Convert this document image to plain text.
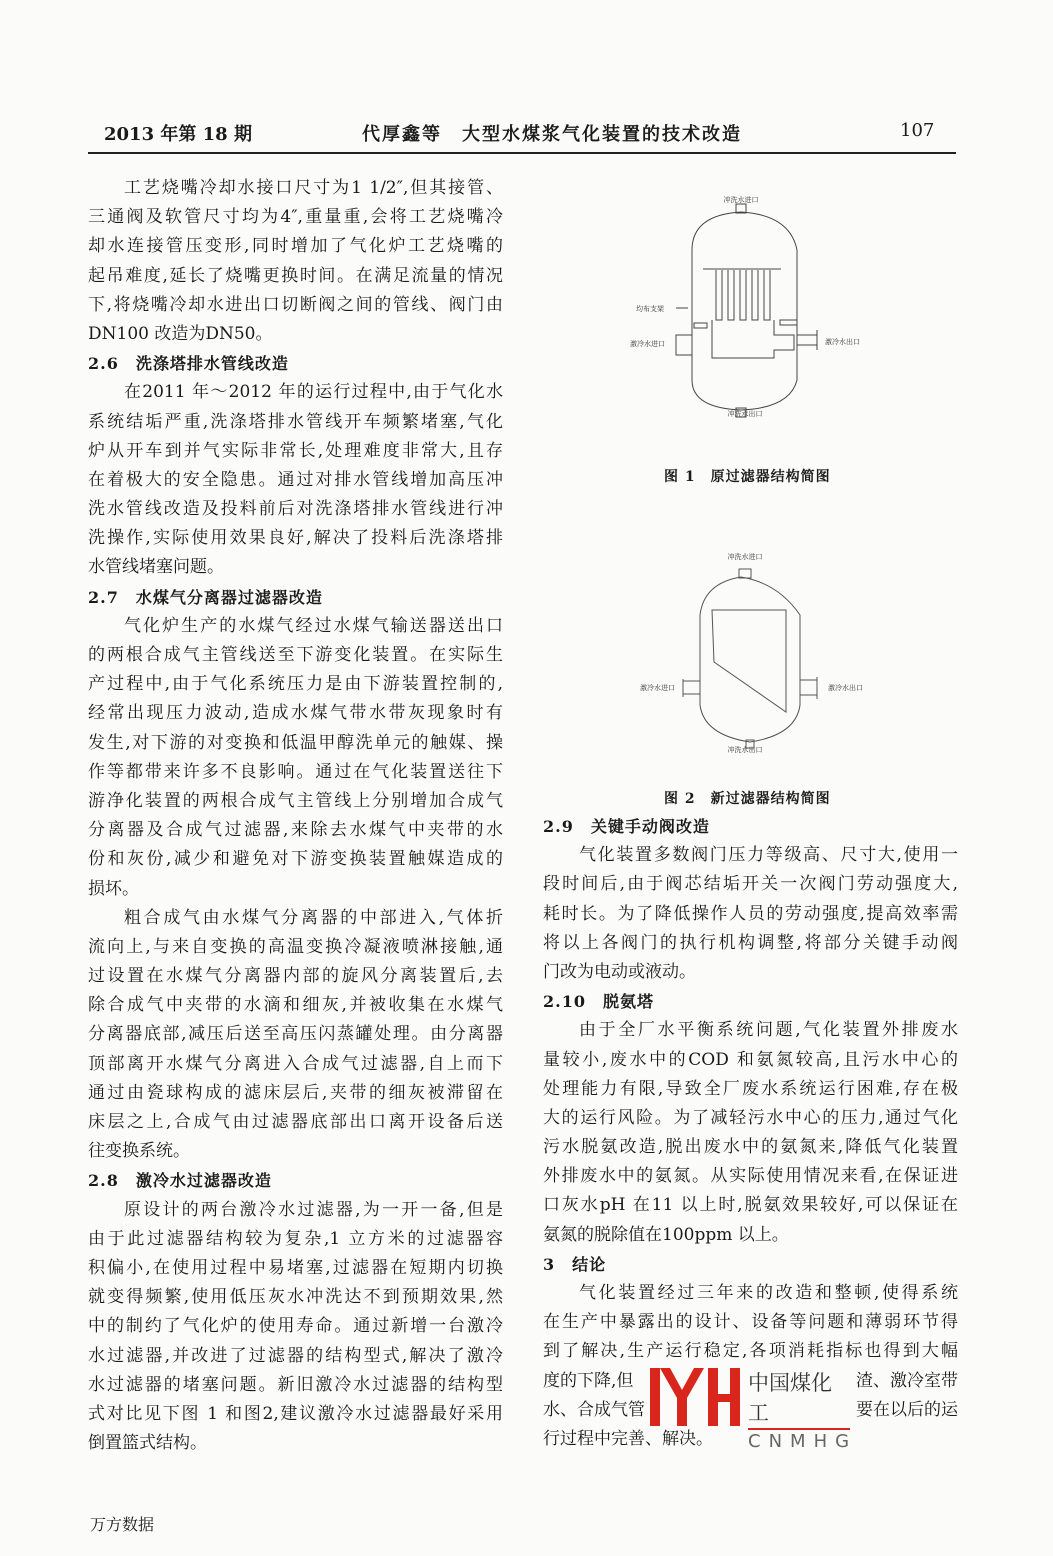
2013 年第 18 期	代厚鑫等　 大型水煤浆气化装置的技术改造	107
工艺烧嘴冷却水接口尺寸为1 1/2″,但其接管、
三通阀及软管尺寸均为4″,重量重,会将工艺烧嘴冷
却水连接管压变形,同时增加了气化炉工艺烧嘴的
起吊难度,延长了烧嘴更换时间。在满足流量的情况
下,将烧嘴冷却水进出口切断阀之间的管线、阀门由
DN100 改造为DN50。
2.6　洗涤塔排水管线改造
在2011 年～2012 年的运行过程中,由于气化水
系统结垢严重,洗涤塔排水管线开车频繁堵塞,气化
炉从开车到并气实际非常长,处理难度非常大,且存
在着极大的安全隐患。通过对排水管线增加高压冲
洗水管线改造及投料前后对洗涤塔排水管线进行冲
洗操作,实际使用效果良好,解决了投料后洗涤塔排
水管线堵塞问题。
2.7　水煤气分离器过滤器改造
气化炉生产的水煤气经过水煤气输送器送出口
的两根合成气主管线送至下游变化装置。在实际生
产过程中,由于气化系统压力是由下游装置控制的,
经常出现压力波动,造成水煤气带水带灰现象时有
发生,对下游的对变换和低温甲醇洗单元的触媒、操
作等都带来许多不良影响。通过在气化装置送往下
游净化装置的两根合成气主管线上分别增加合成气
分离器及合成气过滤器,来除去水煤气中夹带的水
份和灰份,减少和避免对下游变换装置触媒造成的
损坏。
粗合成气由水煤气分离器的中部进入,气体折
流向上,与来自变换的高温变换冷凝液喷淋接触,通
过设置在水煤气分离器内部的旋风分离装置后,去
除合成气中夹带的水滴和细灰,并被收集在水煤气
分离器底部,减压后送至高压闪蒸罐处理。由分离器
顶部离开水煤气分离进入合成气过滤器,自上而下
通过由瓷球构成的滤床层后,夹带的细灰被滞留在
床层之上,合成气由过滤器底部出口离开设备后送
往变换系统。
2.8　激冷水过滤器改造
原设计的两台激冷水过滤器,为一开一备,但是
由于此过滤器结构较为复杂,1 立方米的过滤器容
积偏小,在使用过程中易堵塞,过滤器在短期内切换
就变得频繁,使用低压灰水冲洗达不到预期效果,然
中的制约了气化炉的使用寿命。通过新增一台激冷
水过滤器,并改进了过滤器的结构型式,解决了激冷
水过滤器的堵塞问题。新旧激冷水过滤器的结构型
式对比见下图 1 和图2,建议激冷水过滤器最好采用
倒置篮式结构。
冲洗水进口
均布支架
激冷水进口	激冷水出口
冲洗水出口
图 1　原过滤器结构简图
冲洗水进口
激冷水进口	激冷水出口
冲洗水出口
图 2　新过滤器结构简图
2.9　关键手动阀改造
气化装置多数阀门压力等级高、尺寸大,使用一
段时间后,由于阀芯结垢开关一次阀门劳动强度大,
耗时长。为了降低操作人员的劳动强度,提高效率需
将以上各阀门的执行机构调整,将部分关键手动阀
门改为电动或液动。
2.10　脱氨塔
由于全厂水平衡系统问题,气化装置外排废水
量较小,废水中的COD 和氨氮较高,且污水中心的
处理能力有限,导致全厂废水系统运行困难,存在极
大的运行风险。为了减轻污水中心的压力,通过气化
污水脱氨改造,脱出废水中的氨氮来,降低气化装置
外排废水中的氨氮。从实际使用情况来看,在保证进
口灰水pH 在11 以上时,脱氨效果较好,可以保证在
氨氮的脱除值在100ppm 以上。
3　结论
气化装置经过三年来的改造和整顿,使得系统
在生产中暴露出的设计、设备等问题和薄弱环节得
到了解决,生产运行稳定,各项消耗指标也得到大幅
度的下降,但	渣、激冷室带
水、合成气管	要在以后的运
行过程中完善、解决。
中国煤化工
CNMHG
万方数据
